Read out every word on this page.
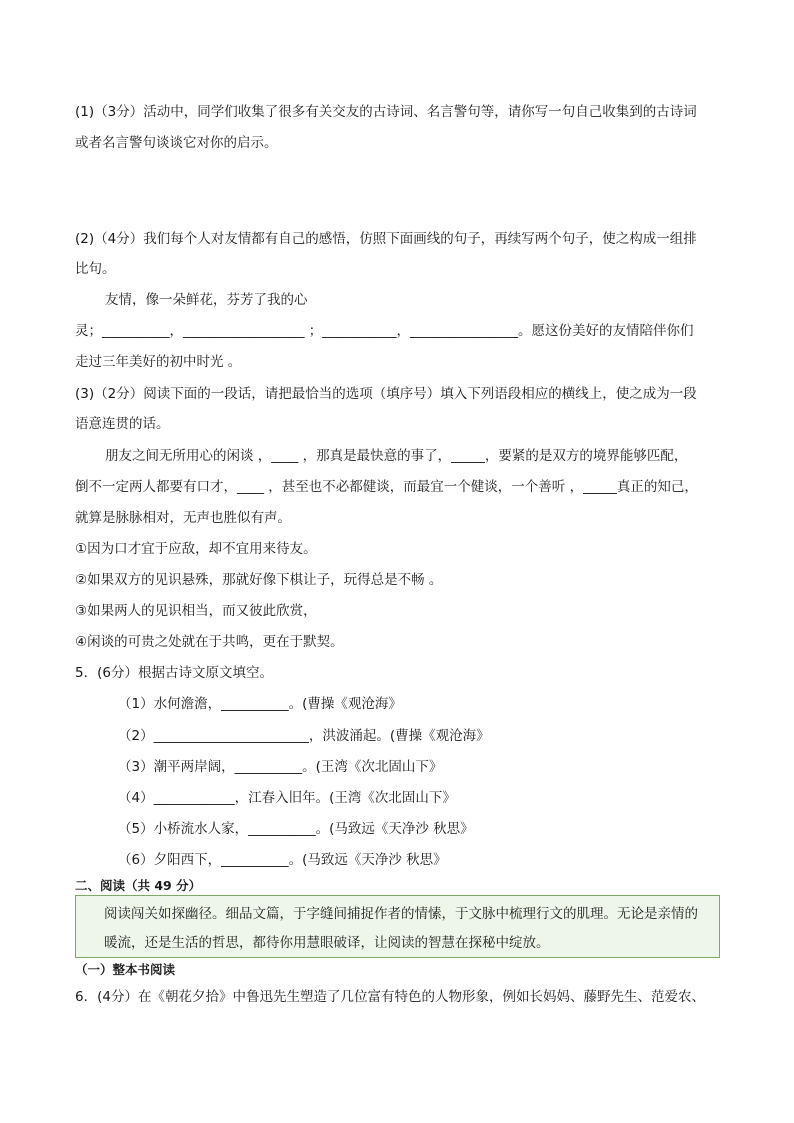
(1)（3分）活动中，同学们收集了很多有关交友的古诗词、名言警句等，请你写一句自己收集到的古诗词
或者名言警句谈谈它对你的启示。
(2)（4分）我们每个人对友情都有自己的感悟，仿照下面画线的句子，再续写两个句子，使之构成一组排
比句。
友情，像一朵鲜花，芬芳了我的心
灵；__________，__________________ ；___________，________________。愿这份美好的友情陪伴你们
走过三年美好的初中时光 。
(3)（2分）阅读下面的一段话，请把最恰当的选项（填序号）填入下列语段相应的横线上，使之成为一段
语意连贯的话。
朋友之间无所用心的闲谈 ，____ ，那真是最快意的事了，_____，要紧的是双方的境界能够匹配，
倒不一定两人都要有口才，____ ，甚至也不必都健谈，而最宜一个健谈，一个善听 ，_____真正的知己，
就算是脉脉相对，无声也胜似有声。
①因为口才宜于应敌，却不宜用来待友。
②如果双方的见识悬殊，那就好像下棋让子，玩得总是不畅 。
③如果两人的见识相当，而又彼此欣赏，
④闲谈的可贵之处就在于共鸣，更在于默契。
5．(6分）根据古诗文原文填空。
（1）水何澹澹，__________。(曹操《观沧海》
（2）_______________________，洪波涌起。(曹操《观沧海》
（3）潮平两岸阔，__________。(王湾《次北固山下》
（4）____________，江春入旧年。(王湾《次北固山下》
（5）小桥流水人家，__________。(马致远《天净沙 秋思》
（6）夕阳西下，__________。(马致远《天净沙 秋思》
二、阅读（共 49 分）
阅读闯关如探幽径。细品文篇，于字缝间捕捉作者的情愫，于文脉中梳理行文的肌理。无论是亲情的
暖流，还是生活的哲思，都待你用慧眼破译，让阅读的智慧在探秘中绽放。
（一）整本书阅读
6．(4分）在《朝花夕拾》中鲁迅先生塑造了几位富有特色的人物形象，例如长妈妈、藤野先生、范爱农、
